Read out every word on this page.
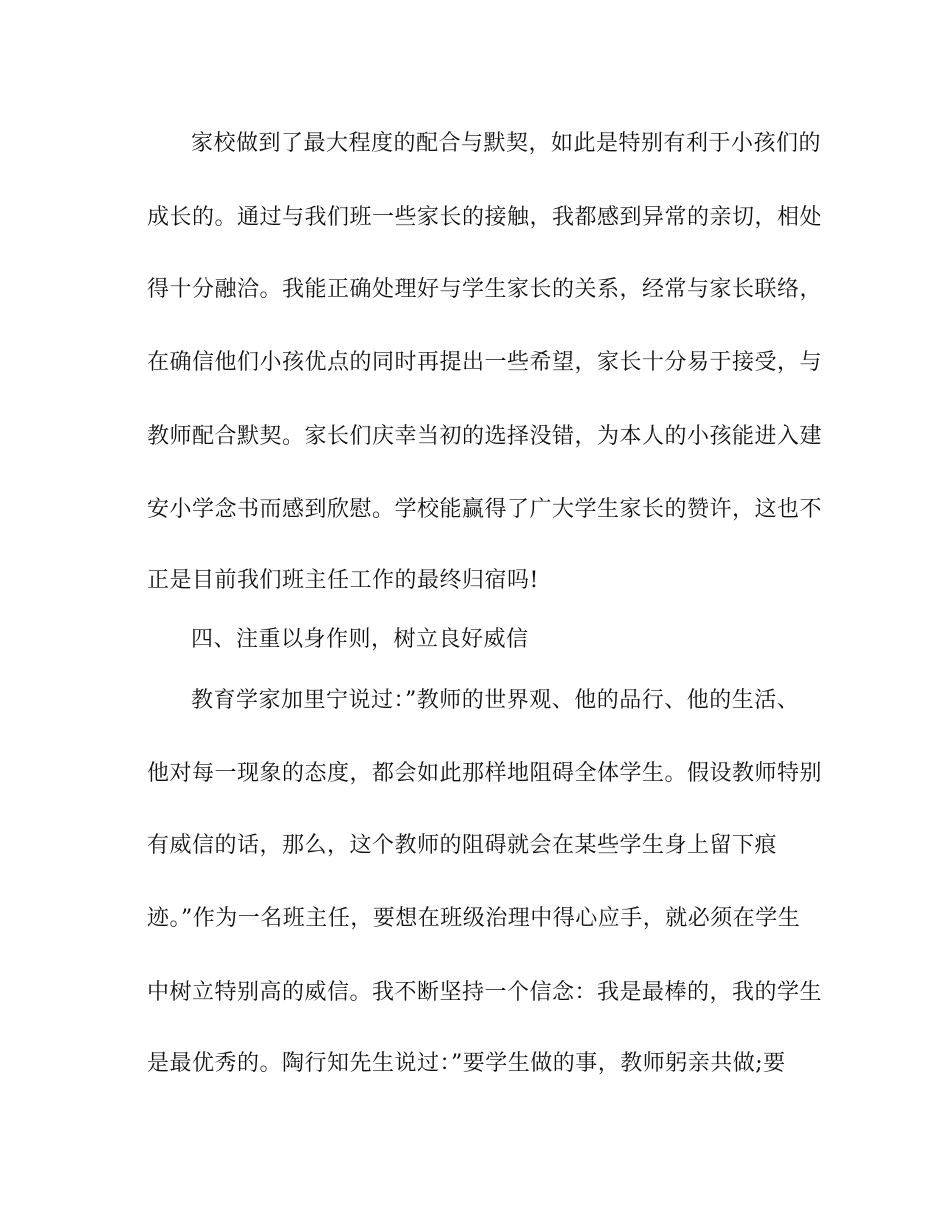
家校做到了最大程度的配合与默契，如此是特别有利于小孩们的
成长的。通过与我们班一些家长的接触，我都感到异常的亲切，相处
得十分融洽。我能正确处理好与学生家长的关系，经常与家长联络，
在确信他们小孩优点的同时再提出一些希望，家长十分易于接受，与
教师配合默契。家长们庆幸当初的选择没错，为本人的小孩能进入建
安小学念书而感到欣慰。学校能赢得了广大学生家长的赞许，这也不
正是目前我们班主任工作的最终归宿吗!
四、注重以身作则，树立良好威信
教育学家加里宁说过：”教师的世界观、他的品行、他的生活、
他对每一现象的态度，都会如此那样地阻碍全体学生。假设教师特别
有威信的话，那么，这个教师的阻碍就会在某些学生身上留下痕
迹。”作为一名班主任，要想在班级治理中得心应手，就必须在学生
中树立特别高的威信。我不断坚持一个信念：我是最棒的，我的学生
是最优秀的。陶行知先生说过：”要学生做的事，教师躬亲共做;要
